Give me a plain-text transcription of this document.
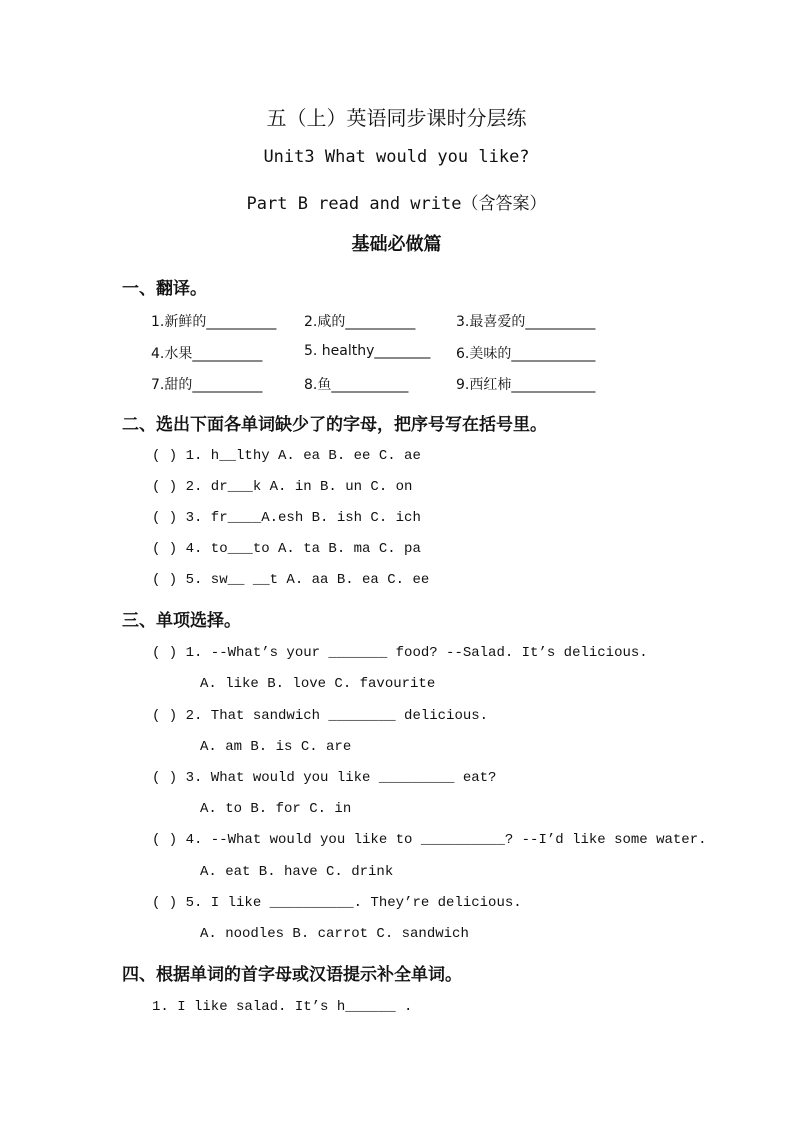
五（上）英语同步课时分层练
Unit3 What would you like?
Part B read and write（含答案）
基础必做篇
一、翻译。
1.新鲜的__________ 2.咸的__________	3.最喜爱的__________
4.水果__________	5. healthy________ 6.美味的____________
7.甜的__________	8.鱼___________	9.西红柿____________
二、选出下面各单词缺少了的字母，把序号写在括号里。
( ) 1. h__lthy A. ea B. ee C. ae
( ) 2. dr___k A. in B. un C. on
( ) 3. fr____A.esh B. ish C. ich
( ) 4. to___to A. ta B. ma C. pa
( ) 5. sw__ __t A. aa B. ea C. ee
三、单项选择。
( ) 1. --What’s your _______ food? --Salad. It’s delicious.
A. like B. love C. favourite
( ) 2. That sandwich ________ delicious.
A. am B. is C. are
( ) 3. What would you like _________ eat?
A. to B. for C. in
( ) 4. --What would you like to __________? --I’d like some water.
A. eat B. have C. drink
( ) 5. I like __________. They’re delicious.
A. noodles B. carrot C. sandwich
四、根据单词的首字母或汉语提示补全单词。
1. I like salad. It’s h______ .
